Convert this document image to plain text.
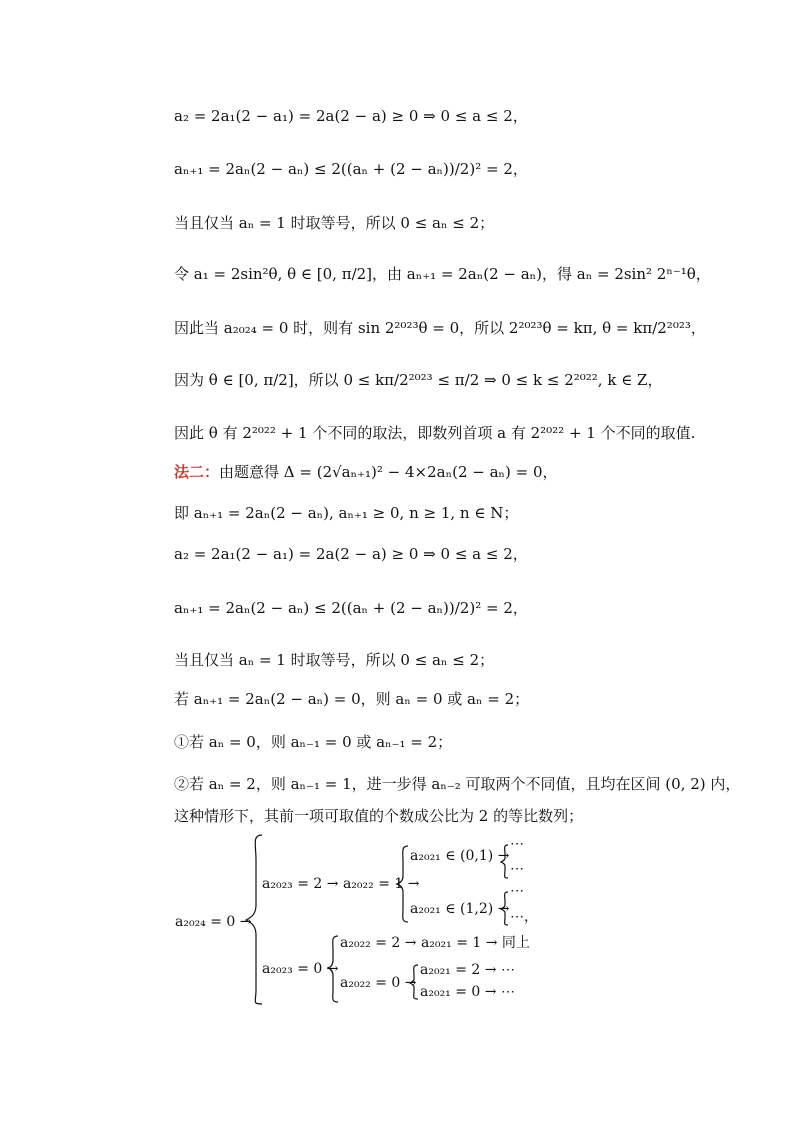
a₂ = 2a₁(2 − a₁) = 2a(2 − a) ≥ 0 ⇒ 0 ≤ a ≤ 2，
aₙ₊₁ = 2aₙ(2 − aₙ) ≤ 2((aₙ + (2 − aₙ))/2)² = 2，
当且仅当 aₙ = 1 时取等号，所以 0 ≤ aₙ ≤ 2；
令 a₁ = 2sin²θ, θ ∈ [0, π/2]，由 aₙ₊₁ = 2aₙ(2 − aₙ)，得 aₙ = 2sin² 2ⁿ⁻¹θ，
因此当 a₂₀₂₄ = 0 时，则有 sin 2²⁰²³θ = 0，所以 2²⁰²³θ = kπ, θ = kπ/2²⁰²³，
因为 θ ∈ [0, π/2]，所以 0 ≤ kπ/2²⁰²³ ≤ π/2 ⇒ 0 ≤ k ≤ 2²⁰²², k ∈ Z，
因此 θ 有 2²⁰²² + 1 个不同的取法，即数列首项 a 有 2²⁰²² + 1 个不同的取值.
法二：由题意得 Δ = (2√aₙ₊₁)² − 4×2aₙ(2 − aₙ) = 0，
即 aₙ₊₁ = 2aₙ(2 − aₙ), aₙ₊₁ ≥ 0, n ≥ 1, n ∈ N；
a₂ = 2a₁(2 − a₁) = 2a(2 − a) ≥ 0 ⇒ 0 ≤ a ≤ 2，
aₙ₊₁ = 2aₙ(2 − aₙ) ≤ 2((aₙ + (2 − aₙ))/2)² = 2，
当且仅当 aₙ = 1 时取等号，所以 0 ≤ aₙ ≤ 2；
若 aₙ₊₁ = 2aₙ(2 − aₙ) = 0，则 aₙ = 0 或 aₙ = 2；
①若 aₙ = 0，则 aₙ₋₁ = 0 或 aₙ₋₁ = 2；
②若 aₙ = 2，则 aₙ₋₁ = 1，进一步得 aₙ₋₂ 可取两个不同值，且均在区间 (0, 2) 内，
这种情形下，其前一项可取值的个数成公比为 2 的等比数列；
a₂₀₂₄ = 0 →
a₂₀₂₃ = 2 → a₂₀₂₂ = 1 →
a₂₀₂₁ ∈ (0,1) →
a₂₀₂₁ ∈ (1,2) →
⋯
⋯
⋯
⋯，
a₂₀₂₃ = 0 →
a₂₀₂₂ = 2 → a₂₀₂₁ = 1 → 同上
a₂₀₂₂ = 0 →
a₂₀₂₁ = 2 → ⋯
a₂₀₂₁ = 0 → ⋯
